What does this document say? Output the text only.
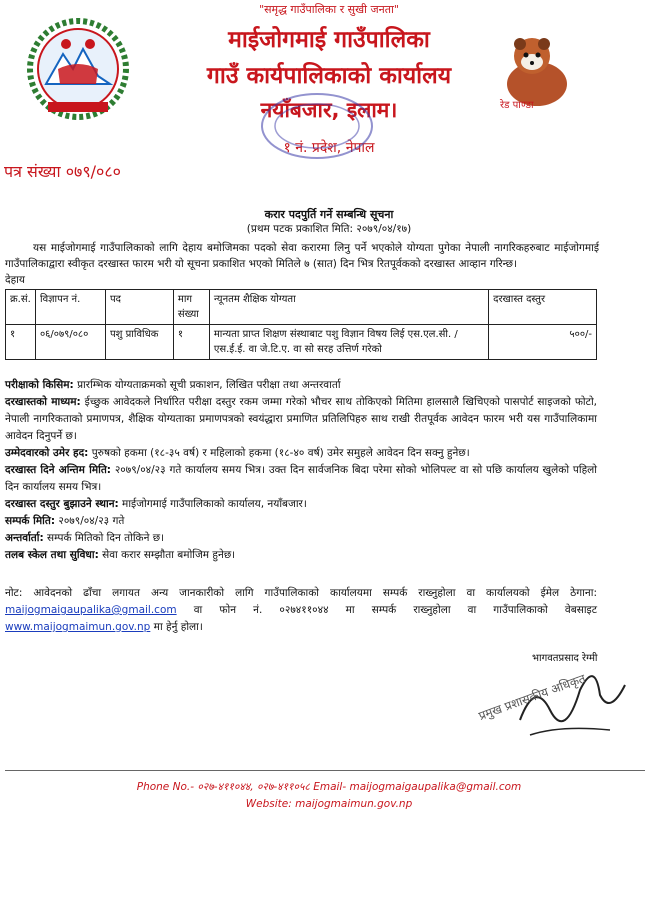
"समृद्ध गाउँपालिका र सुखी जनता"
माईजोगमाई गाउँपालिका
गाउँ कार्यपालिकाको कार्यालय
नयाँबजार, इलाम।
१ नं. प्रदेश, नेपाल
रेड पाण्डा
पत्र संख्या ०७९/०८०
करार पदपुर्ति गर्ने सम्बन्धि सूचना
(प्रथम पटक प्रकाशित मिति: २०७९/०४/१७)
यस माईजोगमाई गाउँपालिकाको लागि देहाय बमोजिमका पदको सेवा करारमा लिनु पर्ने भएकोले योग्यता पुगेका नेपाली नागरिकहरुबाट माईजोगमाई गाउँपालिकाद्वारा स्वीकृत दरखास्त फारम भरी यो सूचना प्रकाशित भएको मितिले ७ (सात) दिन भित्र रितपूर्वकको दरखास्त आव्हान गरिन्छ।
देहाय
क्र.सं.	विज्ञापन नं.	पद	माग संख्या	न्यूनतम शैक्षिक योग्यता	दरखास्त दस्तुर
१	०६/०७९/०८०	पशु प्राविधिक	१	मान्यता प्राप्त शिक्षण संस्थाबाट पशु विज्ञान विषय लिई एस.एल.सी. / एस.ई.ई. वा जे.टि.ए. वा सो सरह उत्तिर्ण गरेको	५००/-

परीक्षाको किसिम: प्रारम्भिक योग्यताक्रमको सूची प्रकाशन, लिखित परीक्षा तथा अन्तरवार्ता

दरखास्तको माध्यम: ईच्छुक आवेदकले निर्धारित परीक्षा दस्तुर रकम जम्मा गरेको भौचर साथ तोकिएको मितिमा हालसालै खिचिएको पासपोर्ट साइजको फोटो, नेपाली नागरिकताको प्रमाणपत्र, शैक्षिक योग्यताका प्रमाणपत्रको स्वयंद्धारा प्रमाणित प्रतिलिपिहरु साथ राखी रीतपूर्वक आवेदन फारम भरी यस गाउँपालिकामा आवेदन दिनुपर्ने छ।

उम्मेदवारको उमेर हद: पुरुषको हकमा (१८-३५ वर्ष) र महिलाको हकमा (१८-४० वर्ष) उमेर समुहले आवेदन दिन सक्नु हुनेछ।

दरखास्त दिने अन्तिम मिति: २०७९/०४/२३ गते कार्यालय समय भित्र। उक्त दिन सार्वजनिक बिदा परेमा सोको भोलिपल्ट वा सो पछि कार्यालय खुलेको पहिलो दिन कार्यालय समय भित्र।

दरखास्त दस्तुर बुझाउने स्थान: माईजोगमाई गाउँपालिकाको कार्यालय, नयाँबजार।

सम्पर्क मिति: २०७९/०४/२३ गते

अन्तर्वार्ता: सम्पर्क मितिको दिन तोकिने छ।

तलब स्केल तथा सुविधा: सेवा करार सम्झौता बमोजिम हुनेछ।

नोट: आवेदनको ढाँचा लगायत अन्य जानकारीको लागि गाउँपालिकाको कार्यालयमा सम्पर्क राख्नुहोला वा कार्यालयको ईमेल ठेगाना: maijogmaigaupalika@gmail.com वा फोन नं. ०२७४११०४४ मा सम्पर्क राख्नुहोला वा गाउँपालिकाको वेबसाइट www.maijogmaimun.gov.np मा हेर्नु होला।
भागवतप्रसाद रेग्मी
प्रमुख प्रशासकीय अधिकृत
Phone No.- ०२७-४११०४४, ०२७-४११०५८ Email- maijogmaigaupalika@gmail.com
Website: maijogmaimun.gov.np
